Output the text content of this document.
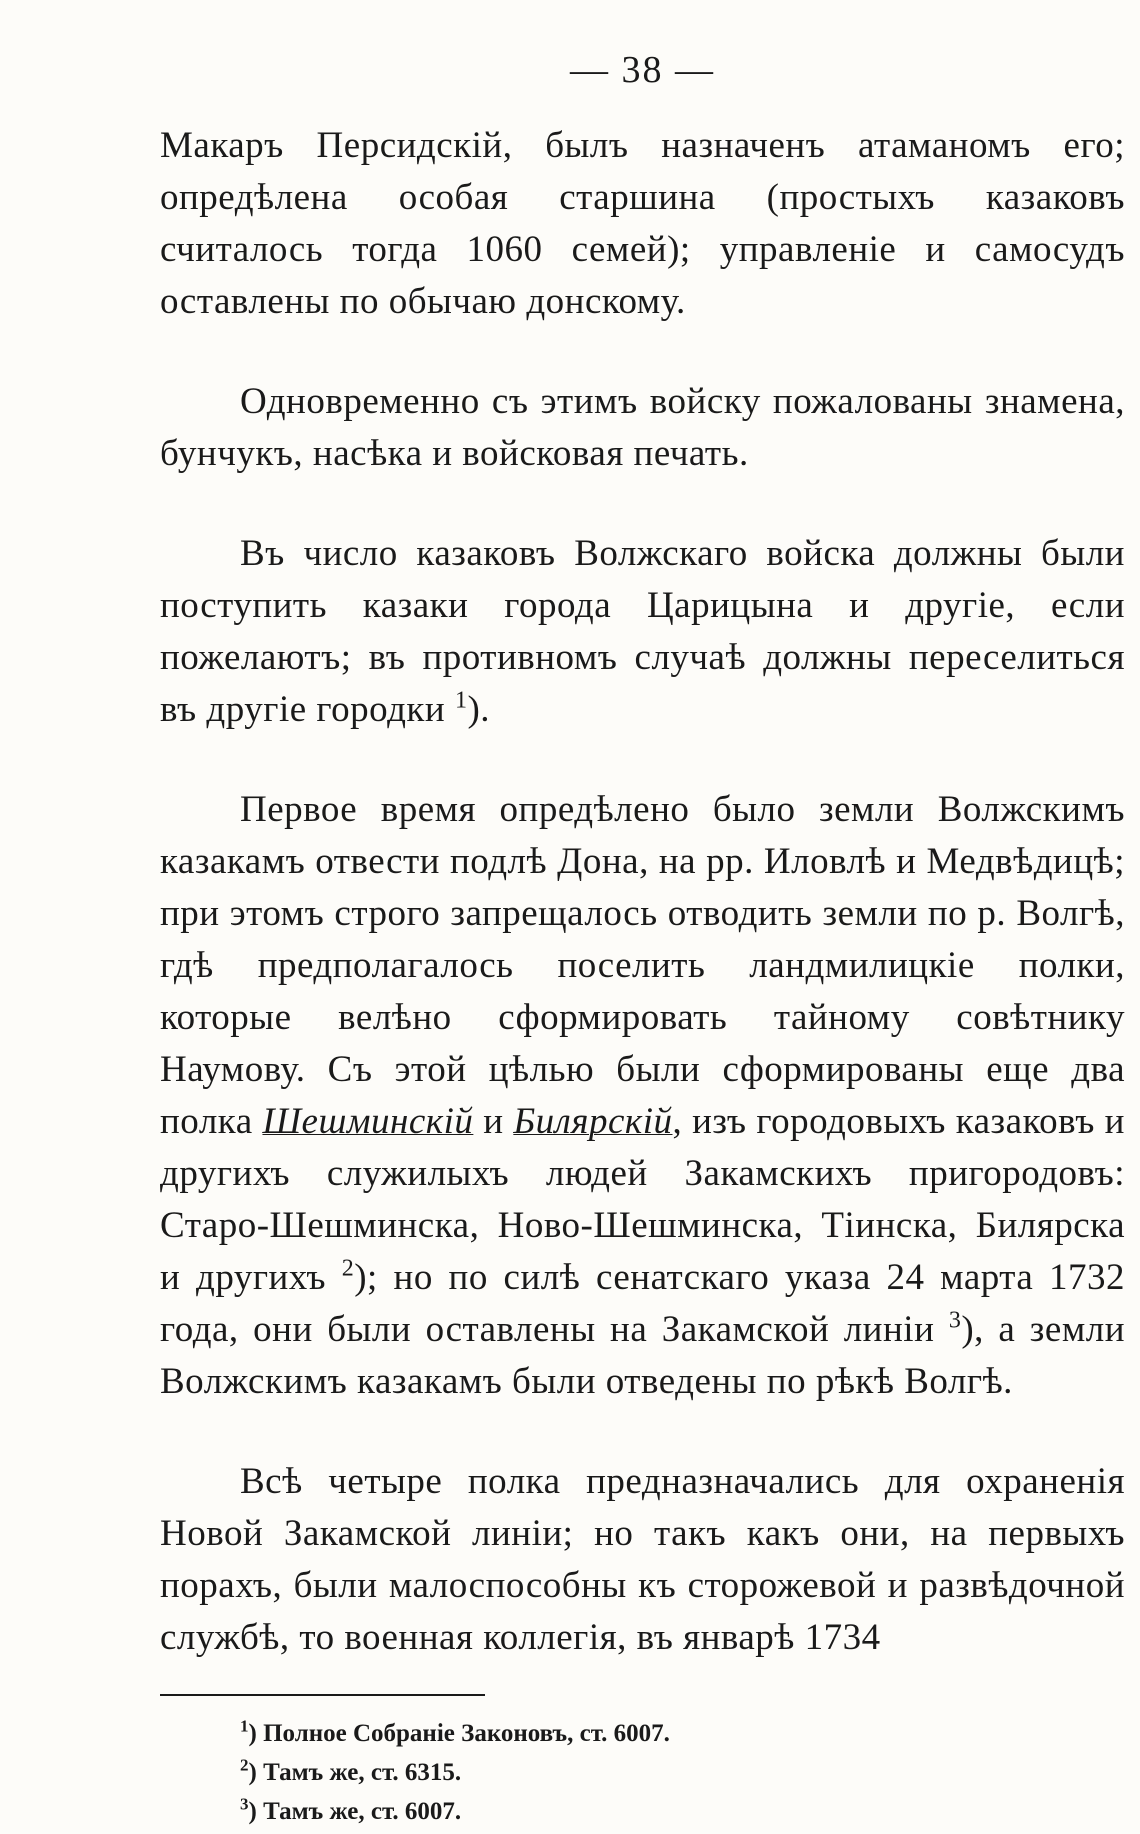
— 38 —

Макаръ Персидскій, былъ назначенъ атаманомъ его; опредѣлена особая старшина (простыхъ казаковъ считалось тогда 1060 семей); управленіе и самосудъ оставлены по обычаю донскому.

Одновременно съ этимъ войску пожалованы знамена, бунчукъ, насѣка и войсковая печать.

Въ число казаковъ Волжскаго войска должны были поступить казаки города Царицына и другіе, если пожелаютъ; въ противномъ случаѣ должны переселиться въ другіе городки $^1$).

Первое время опредѣлено было земли Волжскимъ казакамъ отвести подлѣ Дона, на рр. Иловлѣ и Медвѣдицѣ; при этомъ строго запрещалось отводить земли по р. Волгѣ, гдѣ предполагалось поселить ландмилицкіе полки, которые велѣно сформировать тайному совѣтнику Наумову. Съ этой цѣлью были сформированы еще два полка Шешминскій и Билярскій, изъ городовыхъ казаковъ и другихъ служилыхъ людей Закамскихъ пригородовъ: Старо-Шешминска, Ново-Шешминска, Тіинска, Билярска и другихъ $^2$); но по силѣ сенатскаго указа 24 марта 1732 года, они были оставлены на Закамской линіи $^3$), а земли Волжскимъ казакамъ были отведены по рѣкѣ Волгѣ.

Всѣ четыре полка предназначались для охраненія Новой Закамской линіи; но такъ какъ они, на первыхъ порахъ, были малоспособны къ сторожевой и развѣдочной службѣ, то военная коллегія, въ январѣ 1734

$^1$) Полное Собраніе Законовъ, ст. 6007.
$^2$) Тамъ же, ст. 6315.
$^3$) Тамъ же, ст. 6007.
